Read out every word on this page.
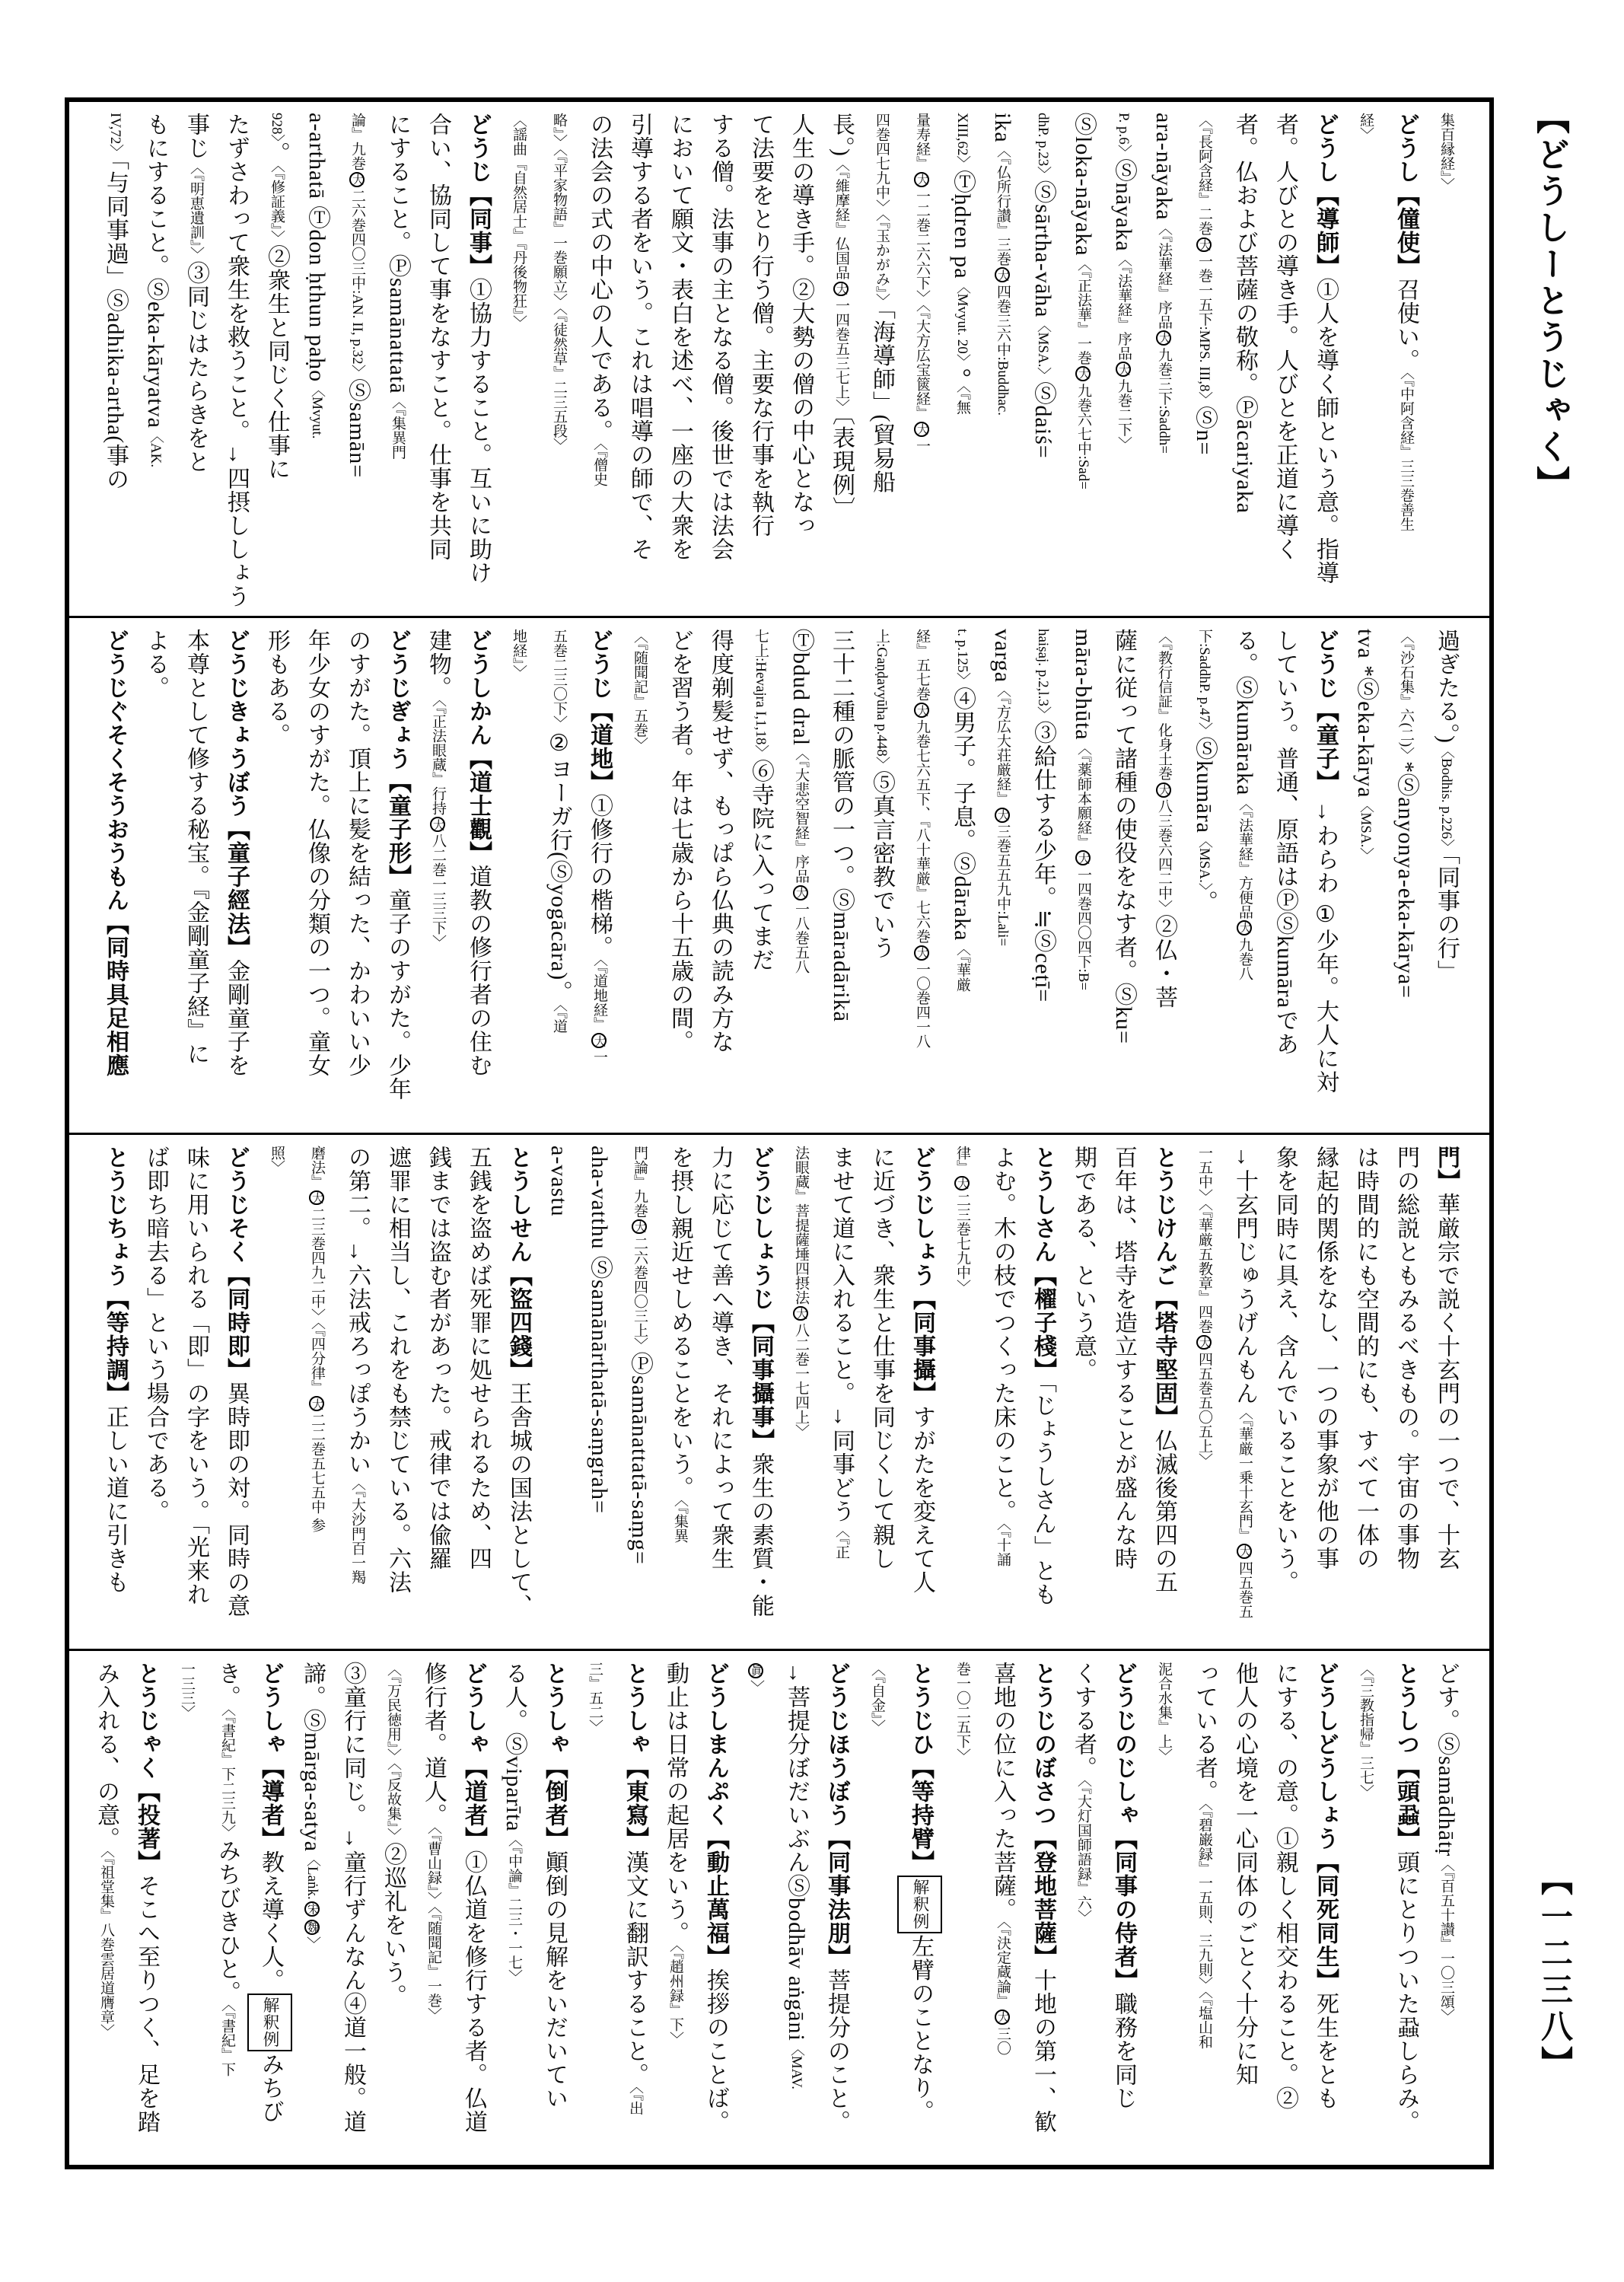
【どうしーとうじゃく】
集百縁経』〉
どうし【僮使】召使い。〈『中阿含経』三三巻善生
経〉
どうし【導師】①人を導く師という意。指導
者。人びとの導き手。人びとを正道に導く
者。仏および菩薩の敬称。Ⓟācariyaka
〈『長阿含経』二巻大一巻一五下:MPS. III,8〉Ⓢn=
ara-nāyaka〈『法華経』序品大九巻三下:Saddh=
P. p.6〉Ⓢnāyaka〈『法華経』序品大九巻二下〉
Ⓢloka-nāyaka〈『正法華』一巻大九巻六七中:Sad=
dhP. p.23〉Ⓢsārtha-vāha〈MSA.〉Ⓢdaiś=
ika〈『仏所行讃』三巻大四巻三六中:Buddhac.
XIII,62〉Ⓣḥdren pa〈Mvyut. 20〉°〈『無
量寿経』大一二巻二六六下〉〈『大方広宝篋経』大一
四巻四七九中〉〈『玉かがみ』〉「海導師」(貿易船
長。)〈『維摩経』仏国品大一四巻五三七上〉〔表現例〕
人生の導き手。②大勢の僧の中心となっ
て法要をとり行う僧。主要な行事を執行
する僧。法事の主となる僧。後世では法会
において願文・表白を述べ、一座の大衆を
引導する者をいう。これは唱導の師で、そ
の法会の式の中心の人である。〈『僧史
略』〉〈『平家物語』一巻願立〉〈『徒然草』二三五段〉
〈謡曲『自然居士』『丹後物狂』〉
どうじ【同事】①協力すること。互いに助け
合い、協同して事をなすこと。仕事を共同
にすること。Ⓟsamānattatā〈『集異門
論』九巻大二六巻四〇三中:AN. II, p.32〉Ⓢsamān=
a-arthatā Ⓣdon ḥthun paḥo〈Mvyut.
928〉。〈『修証義』〉②衆生と同じく仕事に
たずさわって衆生を救うこと。→四摂ししょう
事じ〈『明恵遺訓』〉③同じはたらきをと
もにすること。Ⓢeka-kāryatva〈AK.
IV,72〉「与同事過」Ⓢadhika-artha(事の
過ぎたる。)〈Bodhis. p.226〉「同事の行」
〈『沙石集』六(二)〉*Ⓢanyonya-eka-kārya=
tva *Ⓢeka-kārya〈MSA.〉
どうじ【童子】 →わらわ ①少年。大人に対
していう。普通、原語はⓅⓈkumāraであ
る。Ⓢkumāraka〈『法華経』方便品大九巻八
下:SaddhP. p.47〉Ⓢkumāra〈MSA.〉。
〈『教行信証』化身土巻大八三巻六四二中〉②仏・菩
薩に従って諸種の使役をなす者。Ⓢku=
māra-bhūta〈『薬師本願経』大一四巻四〇四下:B=
haiṣaj. p.2,l.3〉③給仕する少年。≒Ⓢceṭī=
varga〈『方広大荘厳経』大三巻五五九中:Lali=
t. p.125〉④男子。子息。Ⓢdāraka〈『華厳
経』五七巻大九巻七六五下、『八十華厳』七六巻大一〇巻四一八
上:Gaṇḍavyūha p.448〉⑤真言密教でいう
三十二種の脈管の一つ。Ⓢmāradārikā
Ⓣbdud dral〈『大悲空智経』序品大一八巻五八
七上:Hevajra I,1,18〉⑥寺院に入ってまだ
得度剃髪せず、もっぱら仏典の読み方な
どを習う者。年は七歳から十五歳の間。
〈『随聞記』五巻〉
どうじ【道地】①修行の楷梯。〈『道地経』大一
五巻二三〇下〉②ヨーガ行(Ⓢyogācāra)。〈『道
地経』〉
どうしかん【道士觀】道教の修行者の住む
建物。〈『正法眼蔵』行持大八二巻一三三下〉
どうじぎょう【童子形】童子のすがた。少年
のすがた。頂上に髪を結った、かわいい少
年少女のすがた。仏像の分類の一つ。童女
形もある。
どうじきょうぼう【童子經法】金剛童子を
本尊として修する秘宝。『金剛童子経』に
よる。
どうじぐそくそうおうもん【同時具足相應
門】華厳宗で説く十玄門の一つで、十玄
門の総説ともみるべきもの。宇宙の事物
は時間的にも空間的にも、すべて一体の
縁起的関係をなし、一つの事象が他の事
象を同時に具え、含んでいることをいう。
→十玄門じゅうげんもん〈『華厳一乗十玄門』大四五巻五
一五中〉〈『華厳五教章』四巻大四五巻五〇五上〉
とうじけんご【塔寺堅固】仏滅後第四の五
百年は、塔寺を造立することが盛んな時
期である、という意。
とうしさん【櫂子棧】「じょうしさん」とも
よむ。木の枝でつくった床のこと。〈『十誦
律』大二三巻七九中〉
どうじしょう【同事攝】すがたを変えて人
に近づき、衆生と仕事を同じくして親し
ませて道に入れること。→同事どう〈『正
法眼蔵』菩提薩埵四摂法大八二巻一七四上〉
どうじしょうじ【同事攝事】衆生の素質・能
力に応じて善へ導き、それによって衆生
を摂し親近せしめることをいう。〈『集異
門論』九巻大二六巻四〇三上〉Ⓟsamānattatā-saṃg=
aha-vatthu Ⓢsamānārthatā-saṃgrah=
a-vastu
とうしせん【盜四錢】王舎城の国法として、
五銭を盗めば死罪に処せられるため、四
銭までは盗む者があった。戒律では偸羅
遮罪に相当し、これをも禁じている。六法
の第二。→六法戒ろっぽうかい〈『大沙門百一羯
磨法』大二三巻四九二中〉〈『四分律』大二二巻五七五中 参
照〉
どうじそく【同時即】異時即の対。同時の意
味に用いられる「即」の字をいう。「光来れ
ば即ち暗去る」という場合である。
とうじちょう【等持調】正しい道に引きも
どす。Ⓢsamādhātṛ〈『百五十讃』一〇三頌〉
とうしつ【頭蝨】頭にとりついた蝨しらみ。
〈『三教指帰』三七〉
どうしどうしょう【同死同生】死生をとも
にする、の意。①親しく相交わること。②
他人の心境を一心同体のごとく十分に知
っている者。〈『碧巌録』一五則、三九則〉〈『塩山和
泥合水集』上〉
どうじのじしゃ【同事の侍者】職務を同じ
くする者。〈『大灯国師語録』六〉
とうじのぼさつ【登地菩薩】十地の第一、歓
喜地の位に入った菩薩。〈『決定蔵論』大三〇
巻一〇二五下〉
とうじひ【等持臂】解釈例左臂のことなり。
〈『自金』〉
どうじほうぼう【同事法朋】菩提分のこと。
→菩提分ぼだいぶんⓈbodhāv aṅgāni〈MAV.
眞〉
どうしまんぷく【動止萬福】挨拶のことば。
動止は日常の起居をいう。〈『趙州録』下〉
とうしゃ【東寫】漢文に翻訳すること。〈『出
三』五二〉
とうしゃ【倒者】顚倒の見解をいだいてい
る人。Ⓢviparīta〈『中論』二三・一七〉
どうしゃ【道者】①仏道を修行する者。仏道
修行者。道人。〈『曹山録』〉〈『随聞記』一巻〉
〈『万民徳用』〉〈『反故集』〉②巡礼をいう。
③童行に同じ。→童行ずんなん④道一般。道
諦。Ⓢmārga-satya〈Laṅk.宋魏〉
どうしゃ【導者】教え導く人。解釈例みちび
き。〈『書紀』下二三九〉みちびきひと。〈『書紀』下
一三三〉
とうじゃく【投著】そこへ至りつく、足を踏
み入れる、の意。〈『祖堂集』八巻雲居道膺章〉	【一二三八】
